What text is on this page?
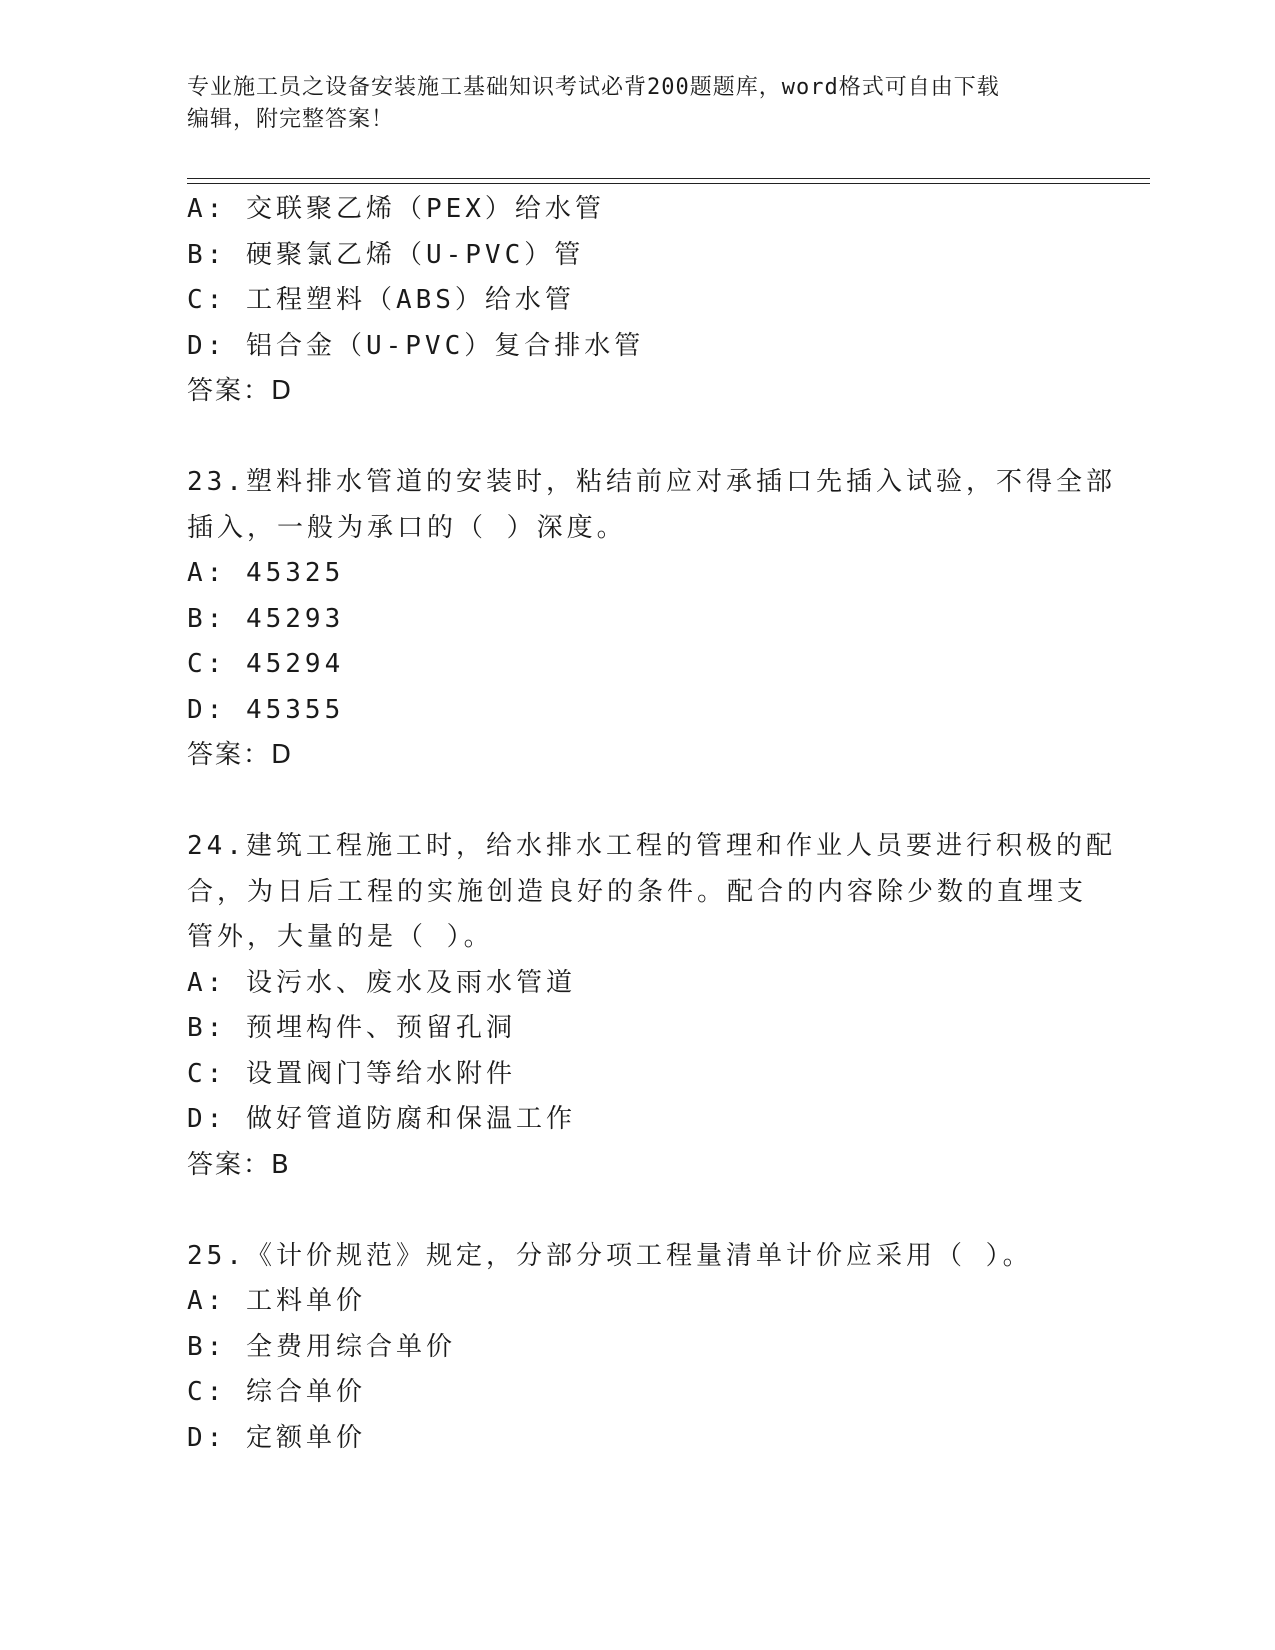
专业施工员之设备安装施工基础知识考试必背200题题库，word格式可自由下载
编辑，附完整答案！
A: 交联聚乙烯（PEX）给水管
B: 硬聚氯乙烯（U-PVC）管
C: 工程塑料（ABS）给水管
D: 铝合金（U-PVC）复合排水管
答案：D
23.塑料排水管道的安装时，粘结前应对承插口先插入试验，不得全部
插入，一般为承口的（ ）深度。
A: 45325
B: 45293
C: 45294
D: 45355
答案：D
24.建筑工程施工时，给水排水工程的管理和作业人员要进行积极的配
合，为日后工程的实施创造良好的条件。配合的内容除少数的直埋支
管外，大量的是（ ）。
A: 设污水、废水及雨水管道
B: 预埋构件、预留孔洞
C: 设置阀门等给水附件
D: 做好管道防腐和保温工作
答案：B
25.《计价规范》规定，分部分项工程量清单计价应采用（ ）。
A: 工料单价
B: 全费用综合单价
C: 综合单价
D: 定额单价
